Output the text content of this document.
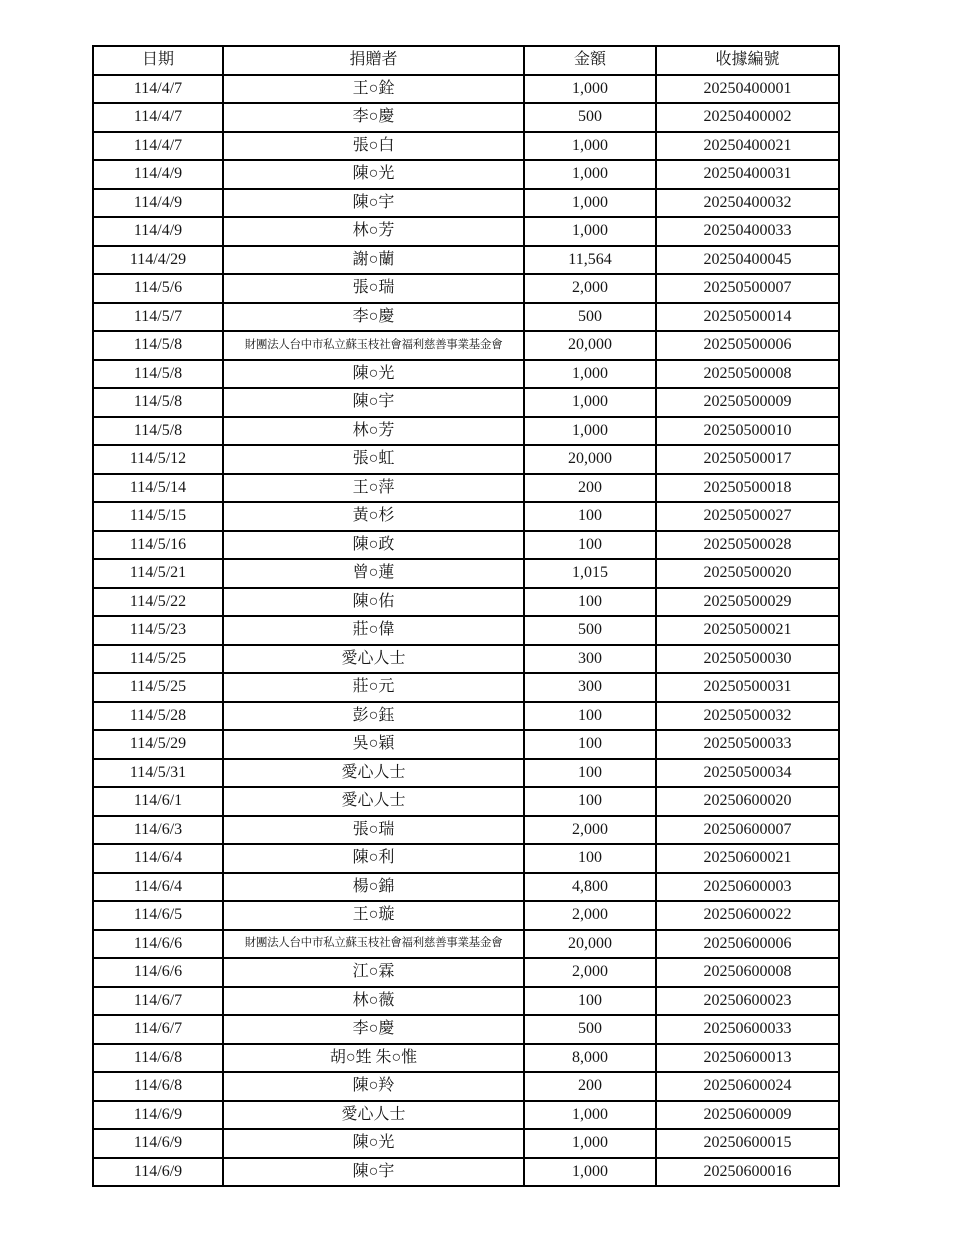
日期	捐贈者	金額	收據編號
114/4/7	王○銓	1,000	20250400001
114/4/7	李○慶	500	20250400002
114/4/7	張○白	1,000	20250400021
114/4/9	陳○光	1,000	20250400031
114/4/9	陳○宇	1,000	20250400032
114/4/9	林○芳	1,000	20250400033
114/4/29	謝○蘭	11,564	20250400045
114/5/6	張○瑞	2,000	20250500007
114/5/7	李○慶	500	20250500014
114/5/8	財團法人台中市私立蘇玉枝社會福利慈善事業基金會	20,000	20250500006
114/5/8	陳○光	1,000	20250500008
114/5/8	陳○宇	1,000	20250500009
114/5/8	林○芳	1,000	20250500010
114/5/12	張○虹	20,000	20250500017
114/5/14	王○萍	200	20250500018
114/5/15	黃○杉	100	20250500027
114/5/16	陳○政	100	20250500028
114/5/21	曾○蓮	1,015	20250500020
114/5/22	陳○佑	100	20250500029
114/5/23	莊○偉	500	20250500021
114/5/25	愛心人士	300	20250500030
114/5/25	莊○元	300	20250500031
114/5/28	彭○鈺	100	20250500032
114/5/29	吳○穎	100	20250500033
114/5/31	愛心人士	100	20250500034
114/6/1	愛心人士	100	20250600020
114/6/3	張○瑞	2,000	20250600007
114/6/4	陳○利	100	20250600021
114/6/4	楊○錦	4,800	20250600003
114/6/5	王○璇	2,000	20250600022
114/6/6	財團法人台中市私立蘇玉枝社會福利慈善事業基金會	20,000	20250600006
114/6/6	江○霖	2,000	20250600008
114/6/7	林○薇	100	20250600023
114/6/7	李○慶	500	20250600033
114/6/8	胡○甡 朱○惟	8,000	20250600013
114/6/8	陳○羚	200	20250600024
114/6/9	愛心人士	1,000	20250600009
114/6/9	陳○光	1,000	20250600015
114/6/9	陳○宇	1,000	20250600016
